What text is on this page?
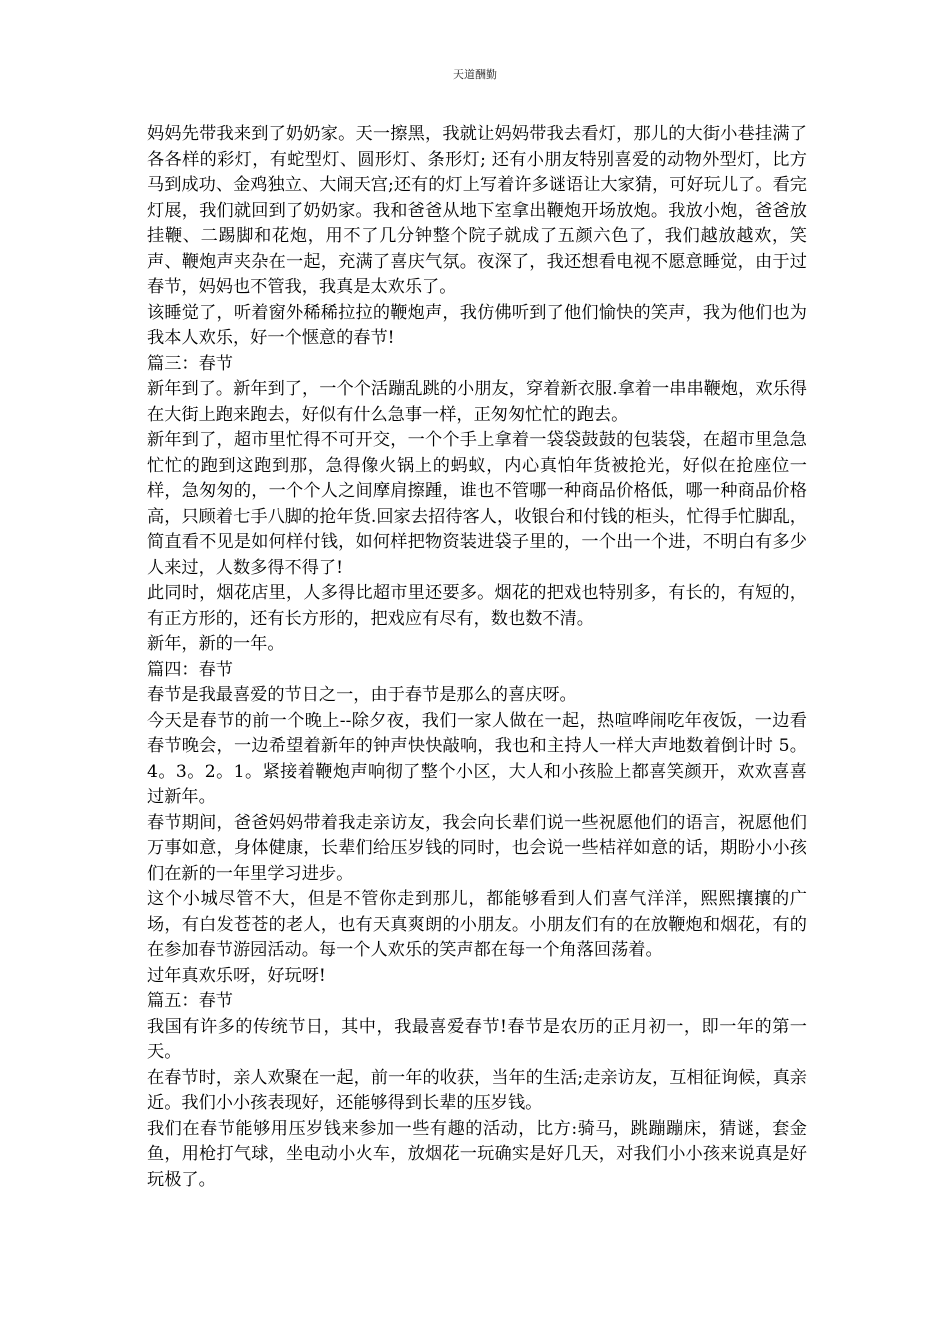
天道酬勤

妈妈先带我来到了奶奶家。天一擦黑，我就让妈妈带我去看灯，那儿的大街小巷挂满了各各样的彩灯，有蛇型灯、圆形灯、条形灯; 还有小朋友特别喜爱的动物外型灯，比方马到成功、金鸡独立、大闹天宫;还有的灯上写着许多谜语让大家猜，可好玩儿了。看完灯展，我们就回到了奶奶家。我和爸爸从地下室拿出鞭炮开场放炮。我放小炮，爸爸放挂鞭、二踢脚和花炮，用不了几分钟整个院子就成了五颜六色了，我们越放越欢，笑声、鞭炮声夹杂在一起，充满了喜庆气氛。夜深了，我还想看电视不愿意睡觉，由于过春节，妈妈也不管我，我真是太欢乐了。

该睡觉了，听着窗外稀稀拉拉的鞭炮声，我仿佛听到了他们愉快的笑声，我为他们也为我本人欢乐，好一个惬意的春节!

篇三：春节

新年到了。新年到了，一个个活蹦乱跳的小朋友，穿着新衣服.拿着一串串鞭炮，欢乐得在大街上跑来跑去，好似有什么急事一样，正匆匆忙忙的跑去。

新年到了，超市里忙得不可开交，一个个手上拿着一袋袋鼓鼓的包装袋，在超市里急急忙忙的跑到这跑到那，急得像火锅上的蚂蚁，内心真怕年货被抢光，好似在抢座位一样，急匆匆的，一个个人之间摩肩擦踵，谁也不管哪一种商品价格低，哪一种商品价格高，只顾着七手八脚的抢年货.回家去招待客人，收银台和付钱的柜头，忙得手忙脚乱，简直看不见是如何样付钱，如何样把物资装进袋子里的，一个出一个进，不明白有多少人来过，人数多得不得了!

此同时，烟花店里，人多得比超市里还要多。烟花的把戏也特别多，有长的，有短的，有正方形的，还有长方形的，把戏应有尽有，数也数不清。

新年，新的一年。

篇四：春节

春节是我最喜爱的节日之一，由于春节是那么的喜庆呀。

今天是春节的前一个晚上--除夕夜，我们一家人做在一起，热喧哗闹吃年夜饭，一边看春节晚会，一边希望着新年的钟声快快敲响，我也和主持人一样大声地数着倒计时 5。4。3。2。1。紧接着鞭炮声响彻了整个小区，大人和小孩脸上都喜笑颜开，欢欢喜喜过新年。

春节期间，爸爸妈妈带着我走亲访友，我会向长辈们说一些祝愿他们的语言，祝愿他们万事如意，身体健康，长辈们给压岁钱的同时，也会说一些桔祥如意的话，期盼小小孩们在新的一年里学习进步。

这个小城尽管不大，但是不管你走到那儿，都能够看到人们喜气洋洋，熙熙攘攘的广场，有白发苍苍的老人，也有天真爽朗的小朋友。小朋友们有的在放鞭炮和烟花，有的在参加春节游园活动。每一个人欢乐的笑声都在每一个角落回荡着。

过年真欢乐呀，好玩呀!

篇五：春节

我国有许多的传统节日，其中，我最喜爱春节!春节是农历的正月初一，即一年的第一天。

在春节时，亲人欢聚在一起，前一年的收获，当年的生活;走亲访友，互相征询候，真亲近。我们小小孩表现好，还能够得到长辈的压岁钱。

我们在春节能够用压岁钱来参加一些有趣的活动，比方:骑马，跳蹦蹦床，猜谜，套金鱼，用枪打气球，坐电动小火车，放烟花一玩确实是好几天，对我们小小孩来说真是好玩极了。
